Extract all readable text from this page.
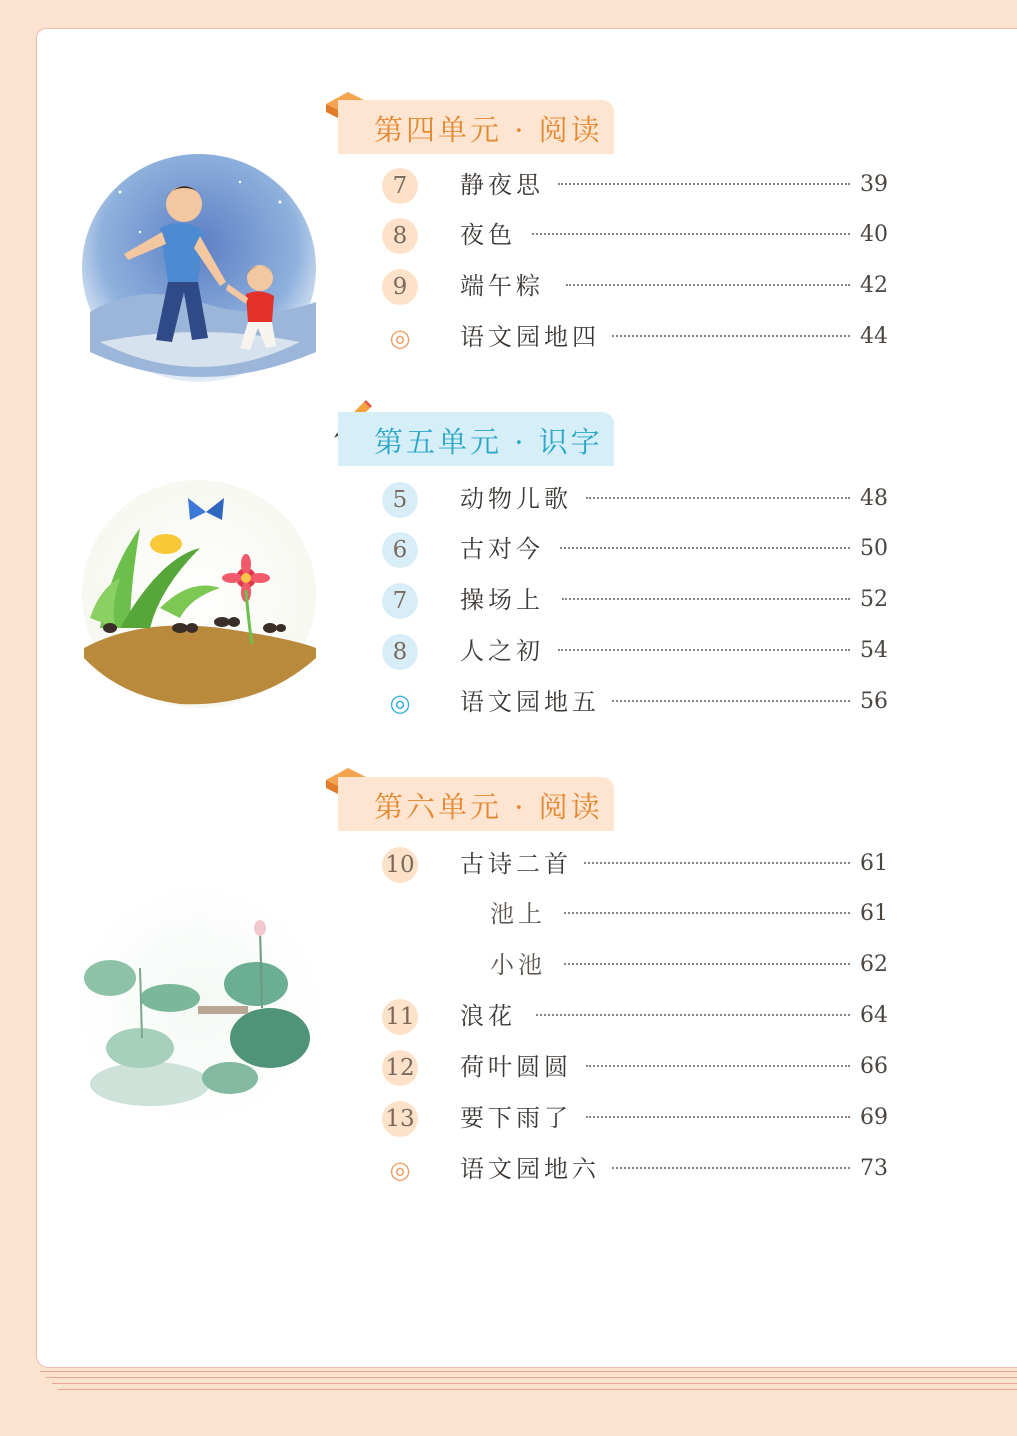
第四单元 · 阅读
7	静夜思	39
8	夜色	40
9	端午粽	42
◎	语文园地四	44
第五单元 · 识字
5	动物儿歌	48
6	古对今	50
7	操场上	52
8	人之初	54
◎	语文园地五	56
第六单元 · 阅读
10 古诗二首	61
池上	61
小池	62
11 浪花	64
12 荷叶圆圆	66
13 要下雨了	69
◎	语文园地六	73
